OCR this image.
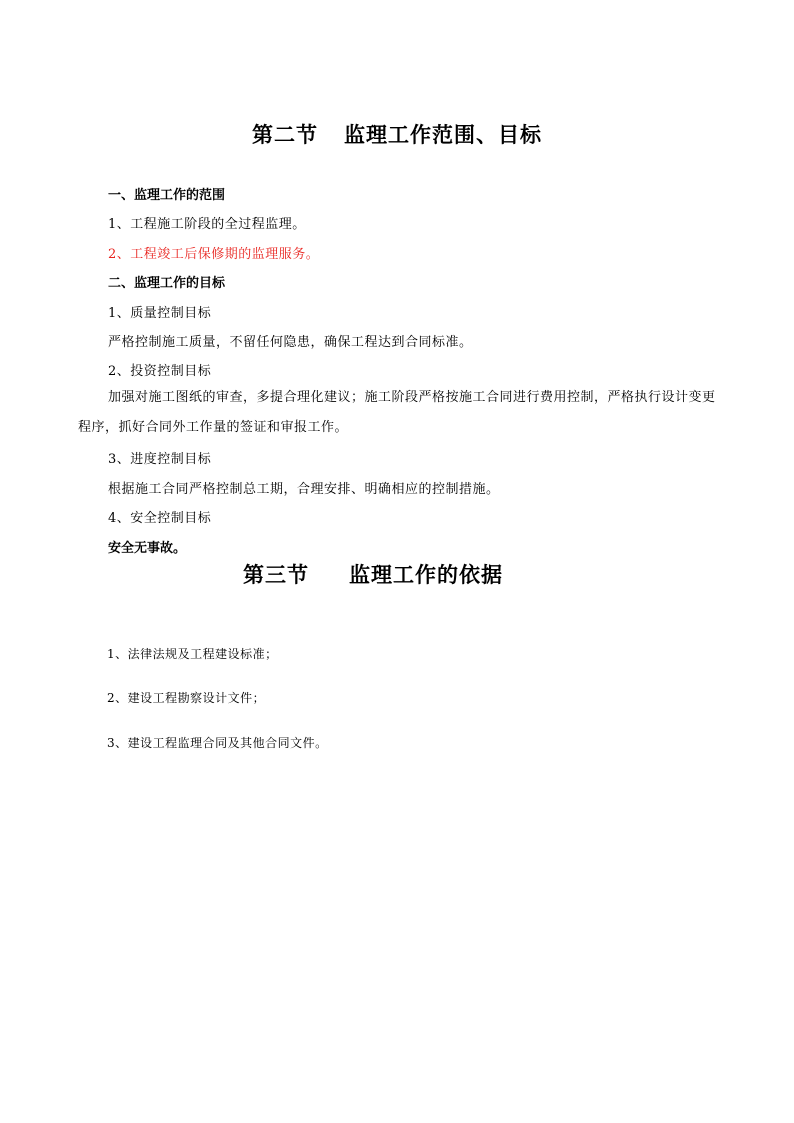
第二节 监理工作范围、目标
一、监理工作的范围
1、工程施工阶段的全过程监理。
2、工程竣工后保修期的监理服务。
二、监理工作的目标
1、质量控制目标
严格控制施工质量，不留任何隐患，确保工程达到合同标准。
2、投资控制目标
加强对施工图纸的审查，多提合理化建议；施工阶段严格按施工合同进行费用控制，严格执行设计变更程序，抓好合同外工作量的签证和审报工作。
3、进度控制目标
根据施工合同严格控制总工期，合理安排、明确相应的控制措施。
4、安全控制目标
安全无事故。
第三节 监理工作的依据
1、法律法规及工程建设标准；
2、建设工程勘察设计文件；
3、建设工程监理合同及其他合同文件。
